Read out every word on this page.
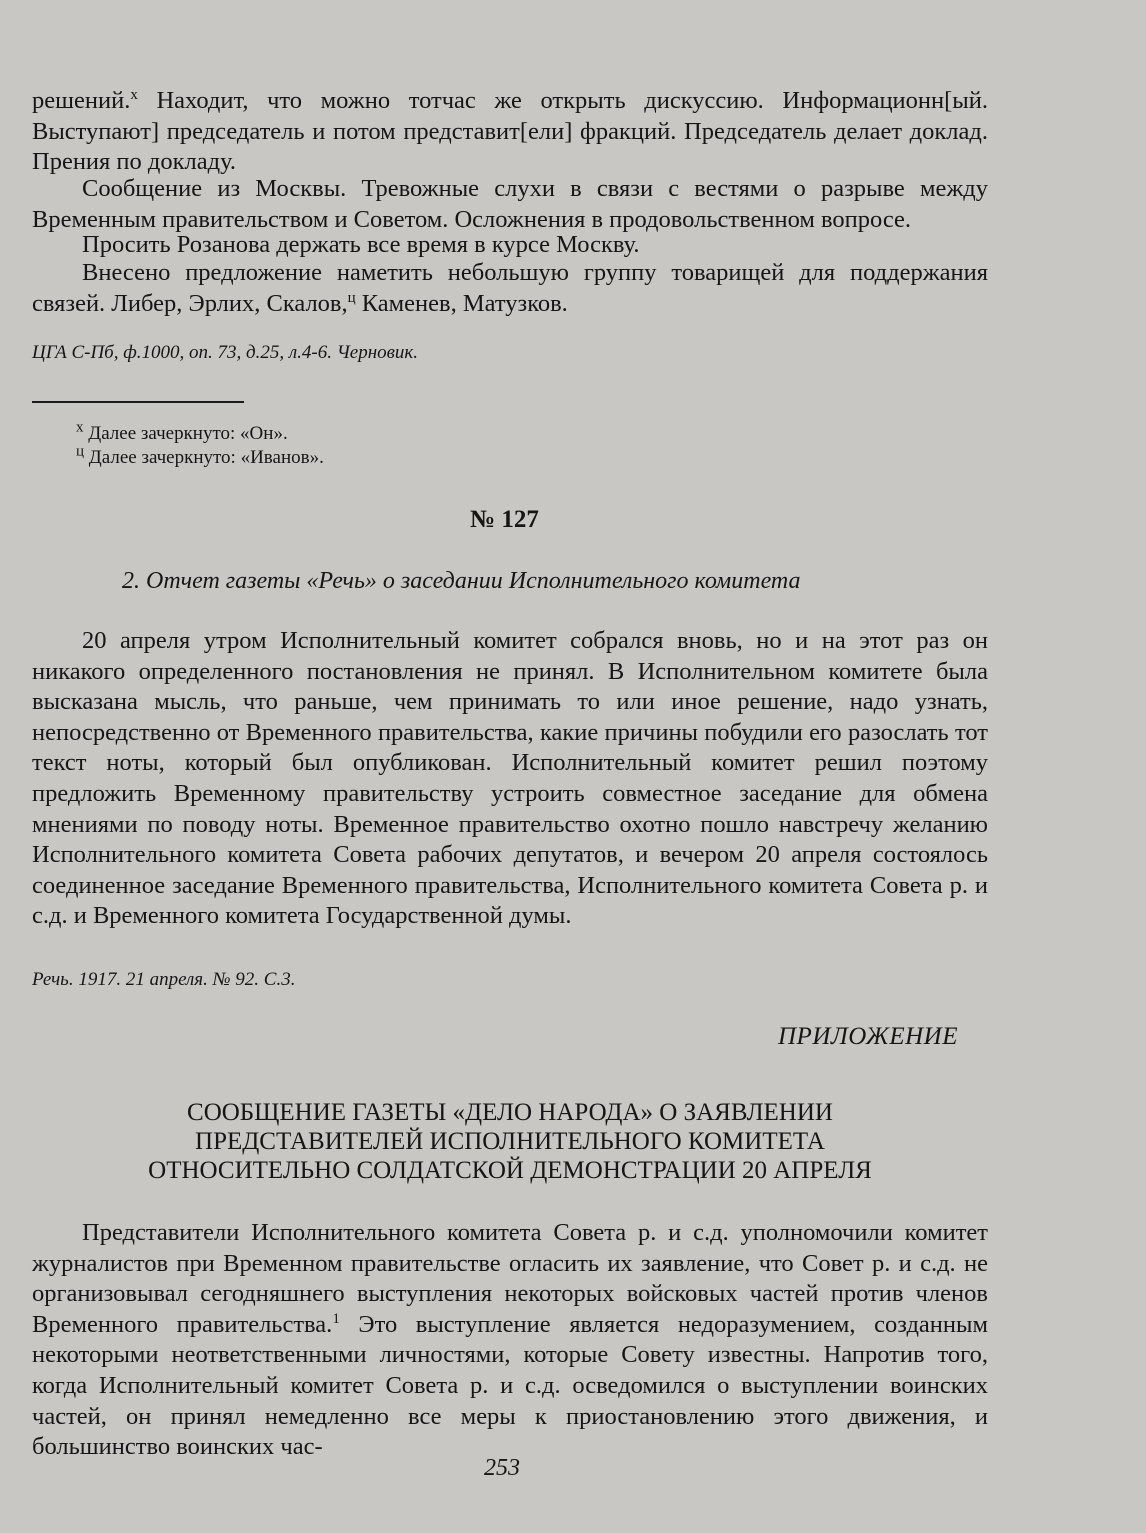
решений.$^x$ Находит, что можно тотчас же открыть дискуссию. Информационн[ый. Выступают] председатель и потом представит[ели] фракций. Председатель делает доклад. Прения по докладу.

Сообщение из Москвы. Тревожные слухи в связи с вестями о разрыве между Временным правительством и Советом. Осложнения в продовольственном вопросе.

Просить Розанова держать все время в курсе Москву.

Внесено предложение наметить небольшую группу товарищей для поддержания связей. Либер, Эрлих, Скалов,$^ц$ Каменев, Матузков.

ЦГА С-Пб, ф.1000, оп. 73, д.25, л.4-6. Черновик.

$^x$ Далее зачеркнуто: «Он».

$^ц$ Далее зачеркнуто: «Иванов».

№ 127

2. Отчет газеты «Речь» о заседании Исполнительного комитета

20 апреля утром Исполнительный комитет собрался вновь, но и на этот раз он никакого определенного постановления не принял. В Исполнительном комитете была высказана мысль, что раньше, чем принимать то или иное решение, надо узнать, непосредственно от Временного правительства, какие причины побудили его разослать тот текст ноты, который был опубликован. Исполнительный комитет решил поэтому предложить Временному правительству устроить совместное заседание для обмена мнениями по поводу ноты. Временное правительство охотно пошло навстречу желанию Исполнительного комитета Совета рабочих депутатов, и вечером 20 апреля состоялось соединенное заседание Временного правительства, Исполнительного комитета Совета р. и с.д. и Временного комитета Государственной думы.

Речь. 1917. 21 апреля. № 92. С.3.

ПРИЛОЖЕНИЕ

СООБЩЕНИЕ ГАЗЕТЫ «ДЕЛО НАРОДА» О ЗАЯВЛЕНИИ
ПРЕДСТАВИТЕЛЕЙ ИСПОЛНИТЕЛЬНОГО КОМИТЕТА
ОТНОСИТЕЛЬНО СОЛДАТСКОЙ ДЕМОНСТРАЦИИ 20 АПРЕЛЯ

Представители Исполнительного комитета Совета р. и с.д. уполномочили комитет журналистов при Временном правительстве огласить их заявление, что Совет р. и с.д. не организовывал сегодняшнего выступления некоторых войсковых частей против членов Временного правительства.$^1$ Это выступление является недоразумением, созданным некоторыми неответственными личностями, которые Совету известны. Напротив того, когда Исполнительный комитет Совета р. и с.д. осведомился о выступлении воинских частей, он принял немедленно все меры к приостановлению этого движения, и большинство воинских час-

253
